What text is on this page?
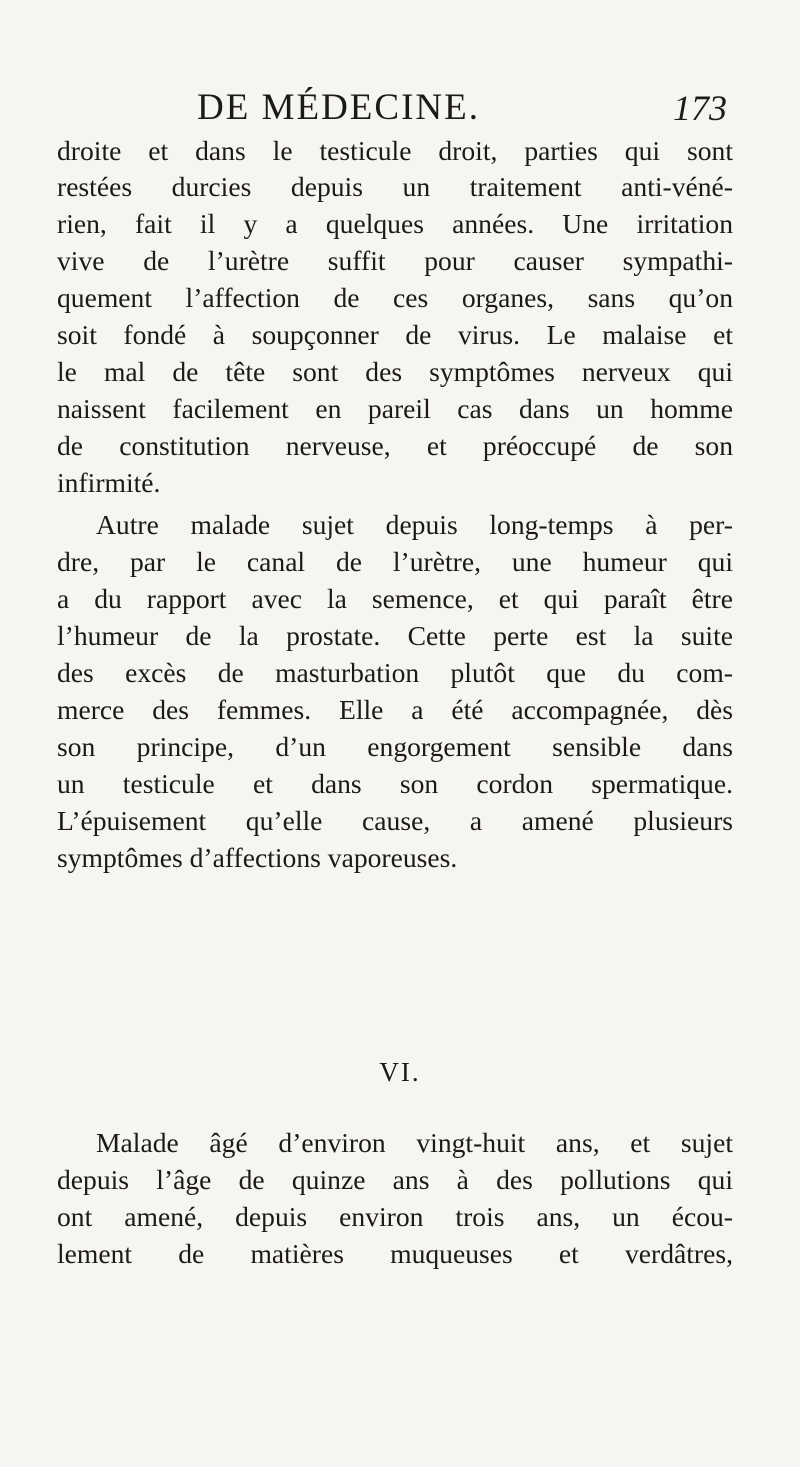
DE MÉDECINE.	173
droite et dans le testicule droit, parties qui sont
restées durcies depuis un traitement anti-véné-
rien, fait il y a quelques années. Une irritation
vive de l’urètre suffit pour causer sympathi-
quement l’affection de ces organes, sans qu’on
soit fondé à soupçonner de virus. Le malaise et
le mal de tête sont des symptômes nerveux qui
naissent facilement en pareil cas dans un homme
de constitution nerveuse, et préoccupé de son
infirmité.
Autre malade sujet depuis long-temps à per-
dre, par le canal de l’urètre, une humeur qui
a du rapport avec la semence, et qui paraît être
l’humeur de la prostate. Cette perte est la suite
des excès de masturbation plutôt que du com-
merce des femmes. Elle a été accompagnée, dès
son principe, d’un engorgement sensible dans
un testicule et dans son cordon spermatique.
L’épuisement qu’elle cause, a amené plusieurs
symptômes d’affections vaporeuses.
VI.
Malade âgé d’environ vingt-huit ans, et sujet
depuis l’âge de quinze ans à des pollutions qui
ont amené, depuis environ trois ans, un écou-
lement de matières muqueuses et verdâtres,
